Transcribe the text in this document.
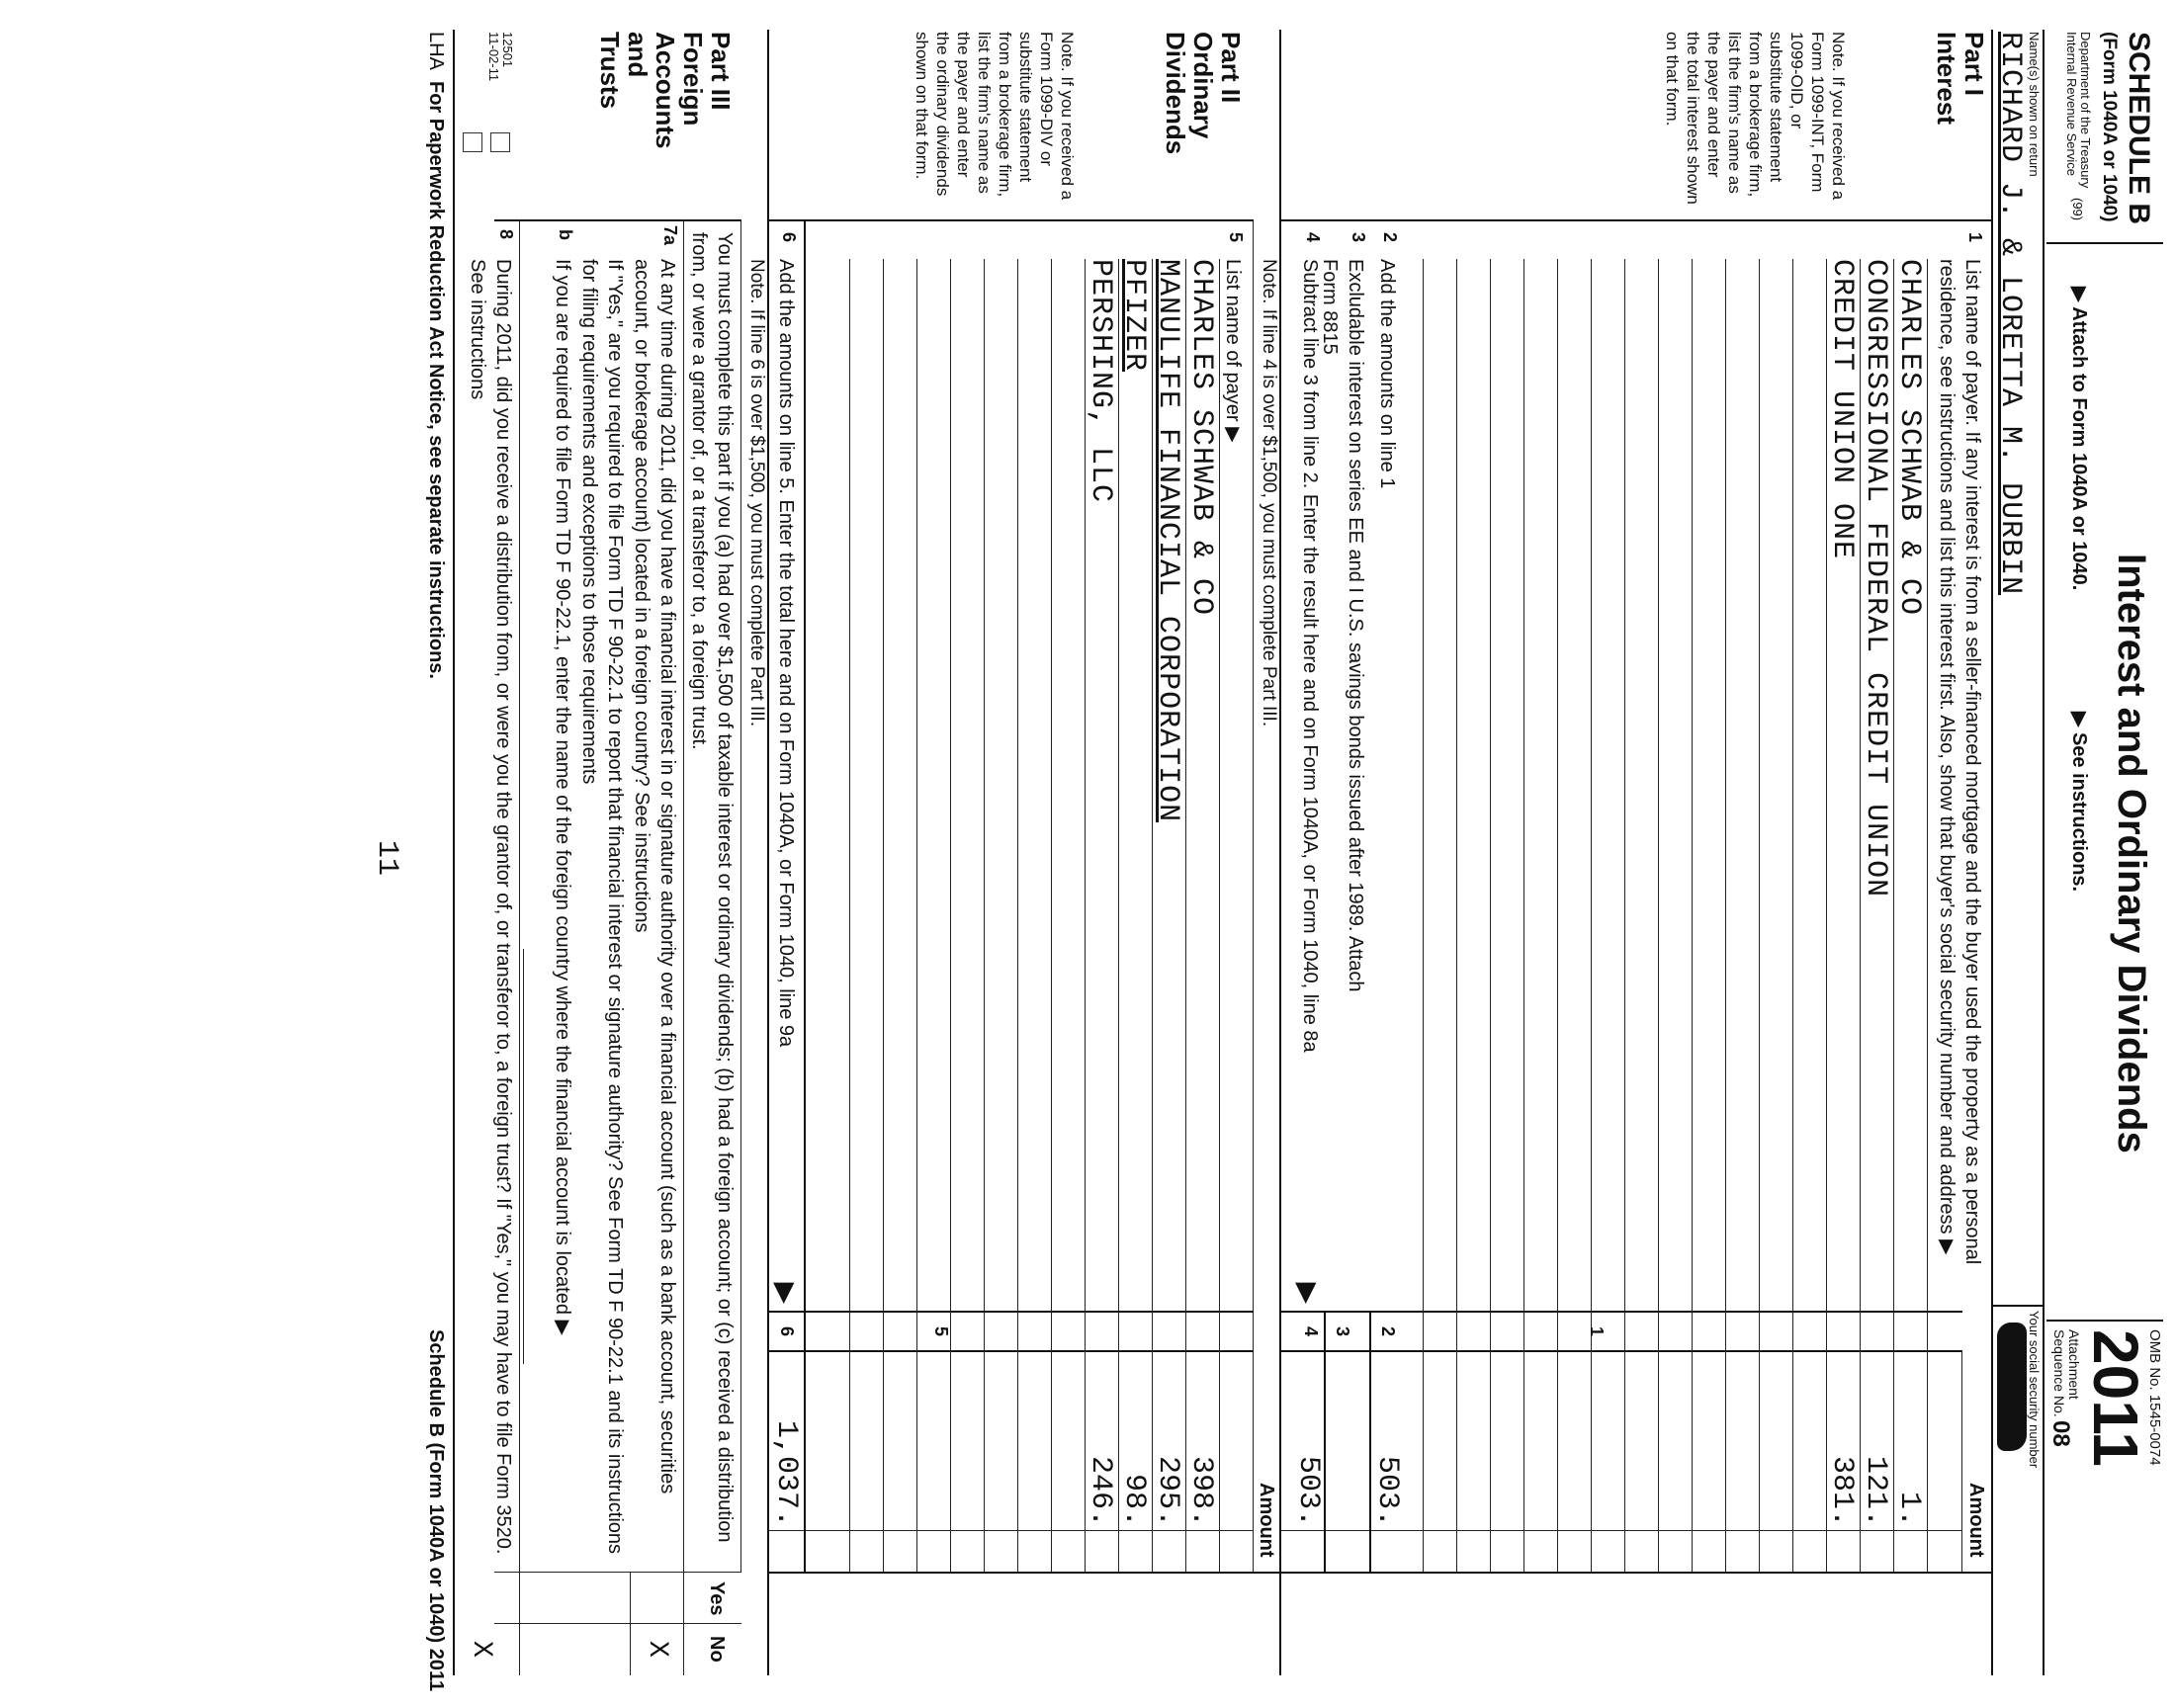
SCHEDULE B
(Form 1040A or 1040)
Department of the Treasury
Internal Revenue Service
(99)
Interest and Ordinary Dividends
▶ Attach to Form 1040A or 1040.
▶ See instructions.
OMB No. 1545-0074
2011
Attachment
Sequence No.
08
Name(s) shown on return
RICHARD J. & LORETTA M. DURBIN
Your social security number
Part I
Interest
Note. If you received a Form 1099-INT, Form 1099-OID, or substitute statement from a brokerage firm, list the firm's name as the payer and enter the total interest shown on that form.
1
List name of payer. If any interest is from a seller-financed mortgage and the buyer used the property as a personal residence, see instructions and list this interest first. Also, show that buyer's social security number and address ▶
Amount
CHARLES SCHWAB & CO
1.
CONGRESSIONAL FEDERAL CREDIT UNION
121.
CREDIT UNION ONE
381.
1
2
Add the amounts on line 1
2
503.
3
Excludable interest on series EE and I U.S. savings bonds issued after 1989. Attach Form 8815
3
4
Subtract line 3 from line 2. Enter the result here and on Form 1040A, or Form 1040, line 8a
4
503.
▶
Note. If line 4 is over $1,500, you must complete Part III.
Amount
Part II
Ordinary
Dividends
Note. If you received a Form 1099-DIV or substitute statement from a brokerage firm, list the firm's name as the payer and enter the ordinary dividends shown on that form.
5
List name of payer ▶
CHARLES SCHWAB & CO
398.
MANULIFE FINANCIAL CORPORATION
295.
PFIZER
98.
PERSHING, LLC
246.
5
6
Add the amounts on line 5. Enter the total here and on Form 1040A, or Form 1040, line 9a
▶
6
1,037.
Note. If line 6 is over $1,500, you must complete Part III.
Part III
Foreign
Accounts
and
Trusts
You must complete this part if you (a) had over $1,500 of taxable interest or ordinary dividends; (b) had a foreign account; or (c) received a distribution from, or were a grantor of, or a transferor to, a foreign trust.
Yes
No
7a
At any time during 2011, did you have a financial interest in or signature authority over a financial account (such as a bank account, securities account, or brokerage account) located in a foreign country? See instructions
If "Yes," are you required to file Form TD F 90-22.1 to report that financial interest or signature authority? See Form TD F 90-22.1 and its instructions for filing requirements and exceptions to those requirements
X
b
If you are required to file Form TD F 90-22.1, enter the name of the foreign country where the financial account is located ▶
8
During 2011, did you receive a distribution from, or were you the grantor of, or transferor to, a foreign trust? If "Yes," you may have to file Form 3520. See instructions
X
12501
11-02-11
LHA
For Paperwork Reduction Act Notice, see separate instructions.
Schedule B (Form 1040A or 1040) 2011
11
